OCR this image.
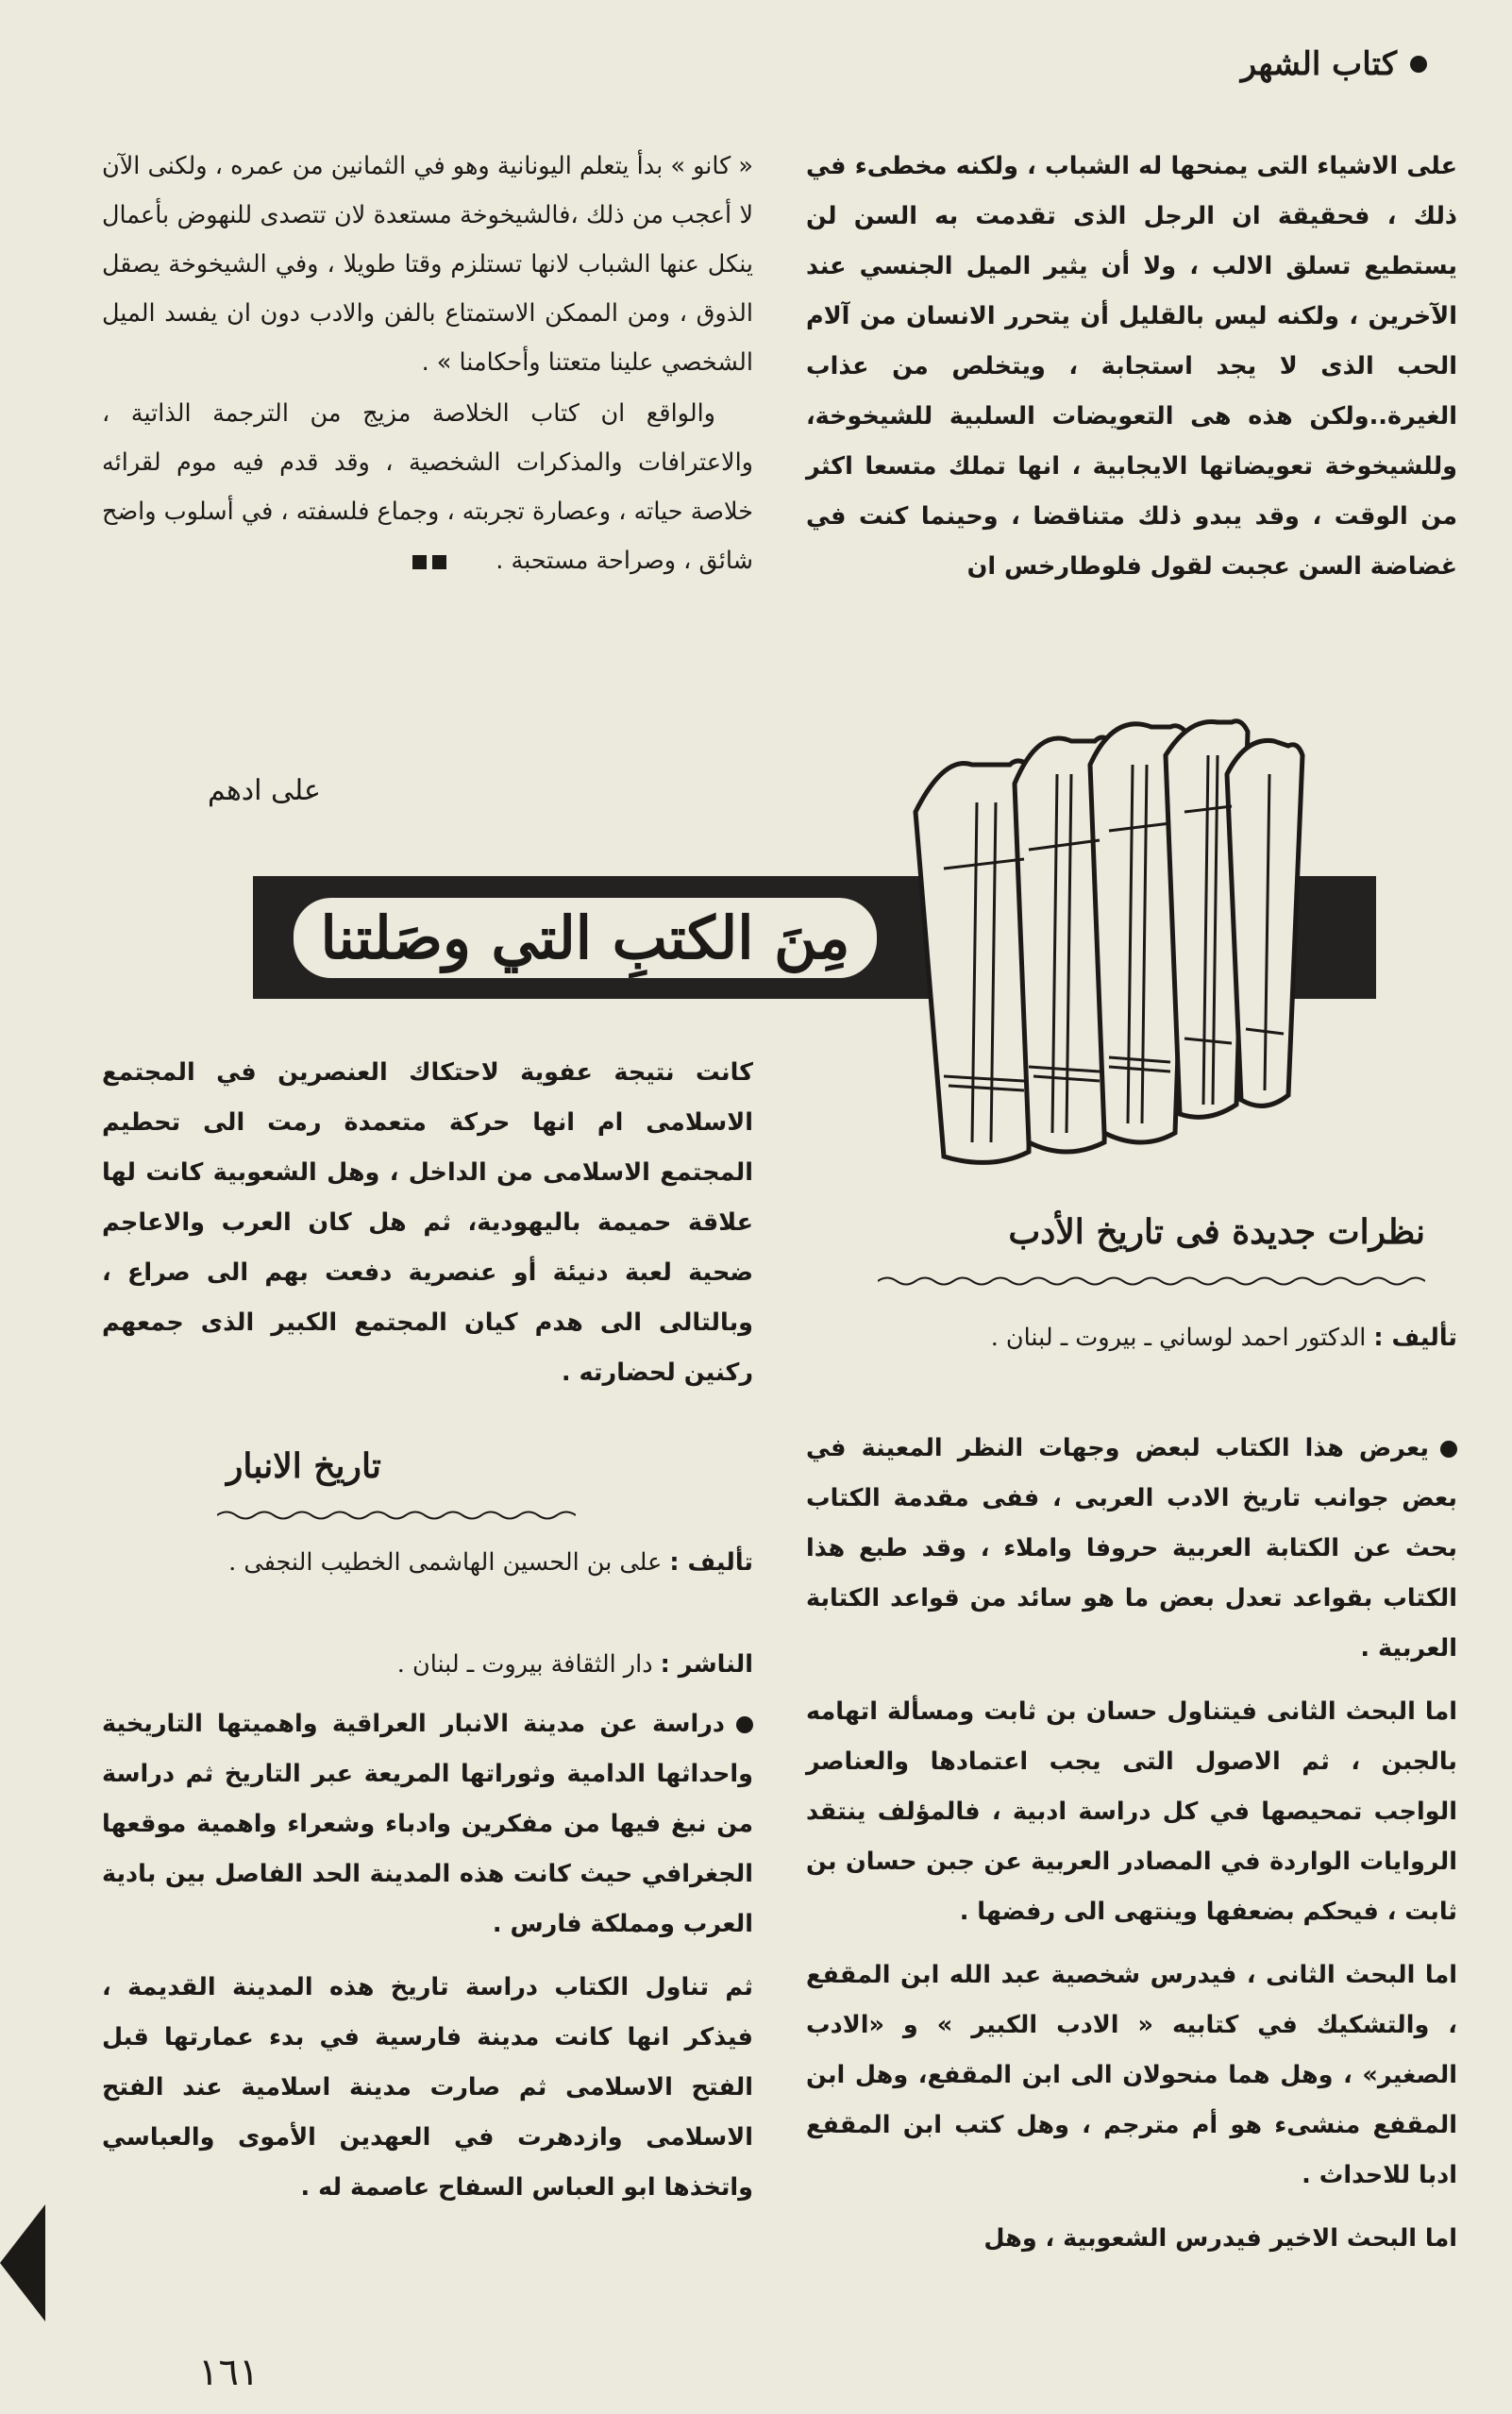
كتاب الشهر

على الاشياء التى يمنحها له الشباب ، ولكنه مخطىء في ذلك ، فحقيقة ان الرجل الذى تقدمت به السن لن يستطيع تسلق الالب ، ولا أن يثير الميل الجنسي عند الآخرين ، ولكنه ليس بالقليل أن يتحرر الانسان من آلام الحب الذى لا يجد استجابة ، ويتخلص من عذاب الغيرة..ولكن هذه هى التعويضات السلبية للشيخوخة، وللشيخوخة تعويضاتها الايجابية ، انها تملك متسعا اكثر من الوقت ، وقد يبدو ذلك متناقضا ، وحينما كنت في غضاضة السن عجبت لقول فلوطارخس ان

« كانو » بدأ يتعلم اليونانية وهو في الثمانين من عمره ، ولكنى الآن لا أعجب من ذلك ،فالشيخوخة مستعدة لان تتصدى للنهوض بأعمال ينكل عنها الشباب لانها تستلزم وقتا طويلا ، وفي الشيخوخة يصقل الذوق ، ومن الممكن الاستمتاع بالفن والادب دون ان يفسد الميل الشخصي علينا متعتنا وأحكامنا » .

والواقع ان كتاب الخلاصة مزيج من الترجمة الذاتية ، والاعترافات والمذكرات الشخصية ، وقد قدم فيه موم لقرائه خلاصة حياته ، وعصارة تجربته ، وجماع فلسفته ، في أسلوب واضح شائق ، وصراحة مستحبة .

على ادهم
مِنَ الكتبِ التي وصَلتنا
كانت نتيجة عفوية لاحتكاك العنصرين في المجتمع الاسلامى ام انها حركة متعمدة رمت الى تحطيم المجتمع الاسلامى من الداخل ، وهل الشعوبية كانت لها علاقة حميمة باليهودية، ثم هل كان العرب والاعاجم ضحية لعبة دنيئة أو عنصرية دفعت بهم الى صراع ، وبالتالى الى هدم كيان المجتمع الكبير الذى جمعهم ركنين لحضارته .
نظرات جديدة فى تاريخ الأدب
تأليف : الدكتور احمد لوساني ـ بيروت ـ لبنان .

يعرض هذا الكتاب لبعض وجهات النظر المعينة في بعض جوانب تاريخ الادب العربى ، ففى مقدمة الكتاب بحث عن الكتابة العربية حروفا واملاء ، وقد طبع هذا الكتاب بقواعد تعدل بعض ما هو سائد من قواعد الكتابة العربية .

اما البحث الثانى فيتناول حسان بن ثابت ومسألة اتهامه بالجبن ، ثم الاصول التى يجب اعتمادها والعناصر الواجب تمحيصها في كل دراسة ادبية ، فالمؤلف ينتقد الروايات الواردة في المصادر العربية عن جبن حسان بن ثابت ، فيحكم بضعفها وينتهى الى رفضها .

اما البحث الثانى ، فيدرس شخصية عبد الله ابن المقفع ، والتشكيك في كتابيه « الادب الكبير » و «الادب الصغير» ، وهل هما منحولان الى ابن المقفع، وهل ابن المقفع منشىء هو أم مترجم ، وهل كتب ابن المقفع ادبا للاحداث .

اما البحث الاخير فيدرس الشعوبية ، وهل

تاريخ الانبار
تأليف : على بن الحسين الهاشمى الخطيب النجفى .
الناشر : دار الثقافة بيروت ـ لبنان .

دراسة عن مدينة الانبار العراقية واهميتها التاريخية واحداثها الدامية وثوراتها المريعة عبر التاريخ ثم دراسة من نبغ فيها من مفكرين وادباء وشعراء واهمية موقعها الجغرافي حيث كانت هذه المدينة الحد الفاصل بين بادية العرب ومملكة فارس .

ثم تناول الكتاب دراسة تاريخ هذه المدينة القديمة ، فيذكر انها كانت مدينة فارسية في بدء عمارتها قبل الفتح الاسلامى ثم صارت مدينة اسلامية عند الفتح الاسلامى وازدهرت في العهدين الأموى والعباسي واتخذها ابو العباس السفاح عاصمة له .

١٦١
